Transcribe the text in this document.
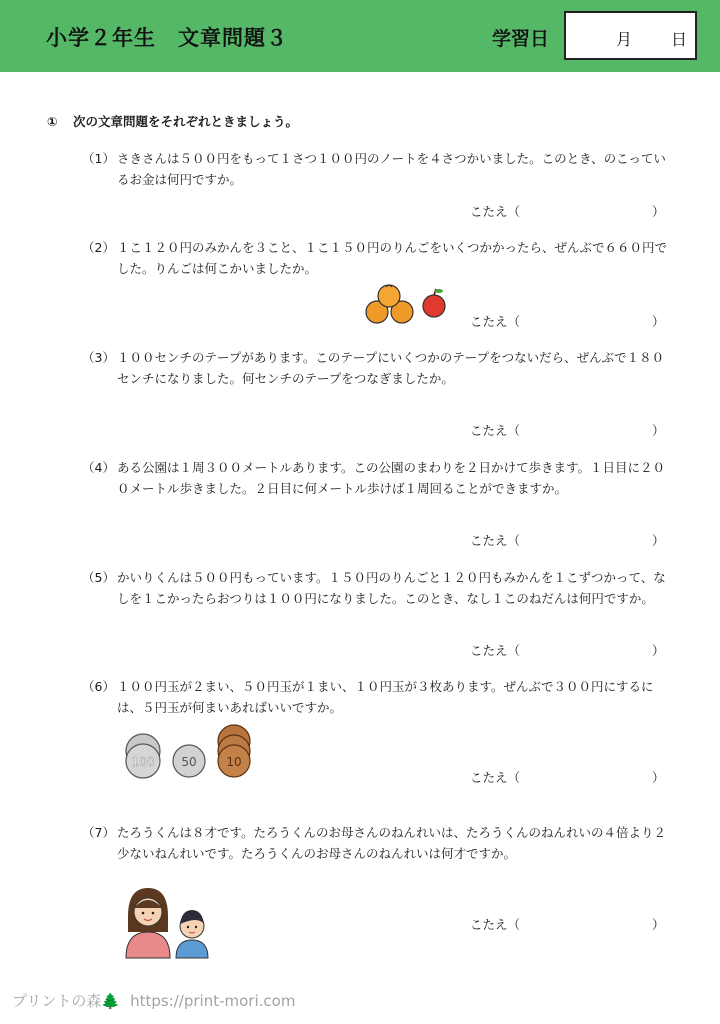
小学２年生　文章問題３	学習日	月 日
① 次の文章問題をそれぞれときましょう。
（1） さきさんは５００円をもって１さつ１００円のノートを４さつかいました。このとき、のこっているお金は何円ですか。
こたえ（	）
（2） １こ１２０円のみかんを３こと、１こ１５０円のりんごをいくつかかったら、ぜんぶで６６０円でした。りんごは何こかいましたか。
こたえ（	）
（3） １００センチのテープがあります。このテープにいくつかのテープをつないだら、ぜんぶで１８０センチになりました。何センチのテープをつなぎましたか。
こたえ（	）
（4） ある公園は１周３００メートルあります。この公園のまわりを２日かけて歩きます。１日目に２００メートル歩きました。２日目に何メートル歩けば１周回ることができますか。
こたえ（	）
（5） かいりくんは５００円もっています。１５０円のりんごと１２０円もみかんを１こずつかって、なしを１こかったらおつりは１００円になりました。このとき、なし１このねだんは何円ですか。
こたえ（	）
（6） １００円玉が２まい、５０円玉が１まい、１０円玉が３枚あります。ぜんぶで３００円にするには、５円玉が何まいあればいいですか。
100 50 10
こたえ（	）
（7） たろうくんは８才です。たろうくんのお母さんのねんれいは、たろうくんのねんれいの４倍より２少ないねんれいです。たろうくんのお母さんのねんれいは何才ですか。
こたえ（	）
プリントの森🌲 https://print-mori.com
